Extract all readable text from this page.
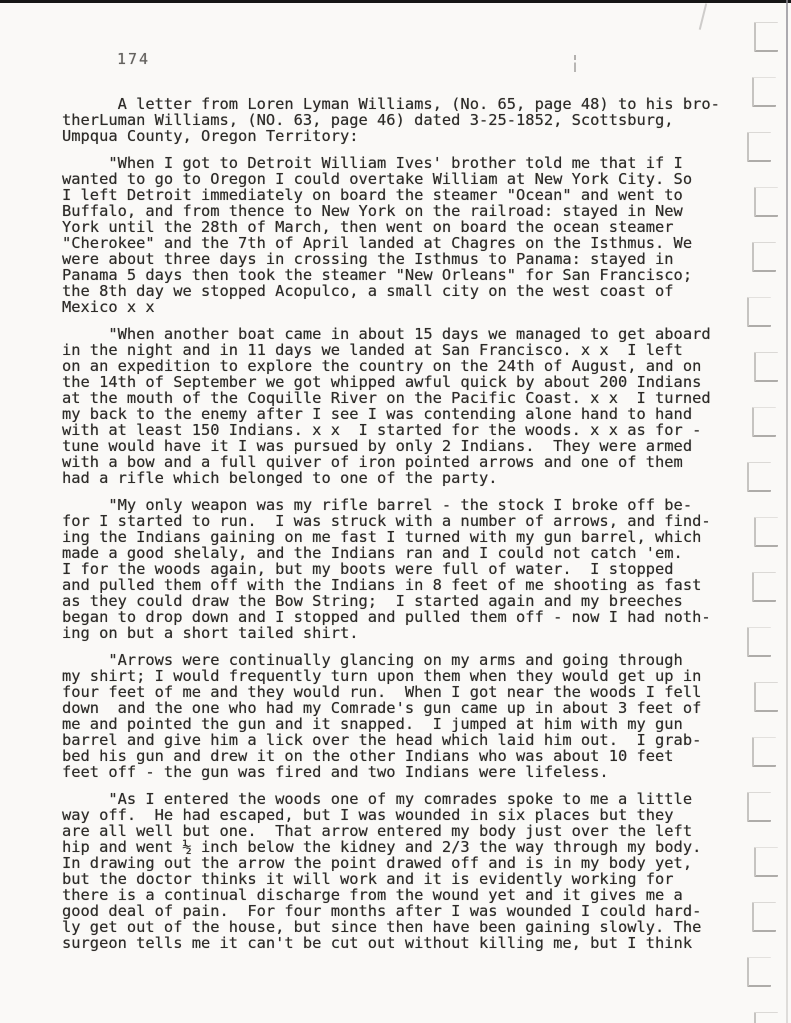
174
A letter from Loren Lyman Williams, (No. 65, page 48) to his bro-
therLuman Williams, (NO. 63, page 46) dated 3-25-1852, Scottsburg,
Umpqua County, Oregon Territory:
"When I got to Detroit William Ives' brother told me that if I
wanted to go to Oregon I could overtake William at New York City. So
I left Detroit immediately on board the steamer "Ocean" and went to
Buffalo, and from thence to New York on the railroad: stayed in New
York until the 28th of March, then went on board the ocean steamer
"Cherokee" and the 7th of April landed at Chagres on the Isthmus. We
were about three days in crossing the Isthmus to Panama: stayed in
Panama 5 days then took the steamer "New Orleans" for San Francisco;
the 8th day we stopped Acopulco, a small city on the west coast of
Mexico x x
"When another boat came in about 15 days we managed to get aboard
in the night and in 11 days we landed at San Francisco. x x  I left
on an expedition to explore the country on the 24th of August, and on
the 14th of September we got whipped awful quick by about 200 Indians
at the mouth of the Coquille River on the Pacific Coast. x x  I turned
my back to the enemy after I see I was contending alone hand to hand
with at least 150 Indians. x x  I started for the woods. x x as for -
tune would have it I was pursued by only 2 Indians.  They were armed
with a bow and a full quiver of iron pointed arrows and one of them
had a rifle which belonged to one of the party.
"My only weapon was my rifle barrel - the stock I broke off be-
for I started to run.  I was struck with a number of arrows, and find-
ing the Indians gaining on me fast I turned with my gun barrel, which
made a good shelaly, and the Indians ran and I could not catch 'em.
I for the woods again, but my boots were full of water.  I stopped
and pulled them off with the Indians in 8 feet of me shooting as fast
as they could draw the Bow String;  I started again and my breeches
began to drop down and I stopped and pulled them off - now I had noth-
ing on but a short tailed shirt.
"Arrows were continually glancing on my arms and going through
my shirt; I would frequently turn upon them when they would get up in
four feet of me and they would run.  When I got near the woods I fell
down  and the one who had my Comrade's gun came up in about 3 feet of
me and pointed the gun and it snapped.  I jumped at him with my gun
barrel and give him a lick over the head which laid him out.  I grab-
bed his gun and drew it on the other Indians who was about 10 feet
feet off - the gun was fired and two Indians were lifeless.
"As I entered the woods one of my comrades spoke to me a little
way off.  He had escaped, but I was wounded in six places but they
are all well but one.  That arrow entered my body just over the left
hip and went ½ inch below the kidney and 2/3 the way through my body.
In drawing out the arrow the point drawed off and is in my body yet,
but the doctor thinks it will work and it is evidently working for
there is a continual discharge from the wound yet and it gives me a
good deal of pain.  For four months after I was wounded I could hard-
ly get out of the house, but since then have been gaining slowly. The
surgeon tells me it can't be cut out without killing me, but I think
